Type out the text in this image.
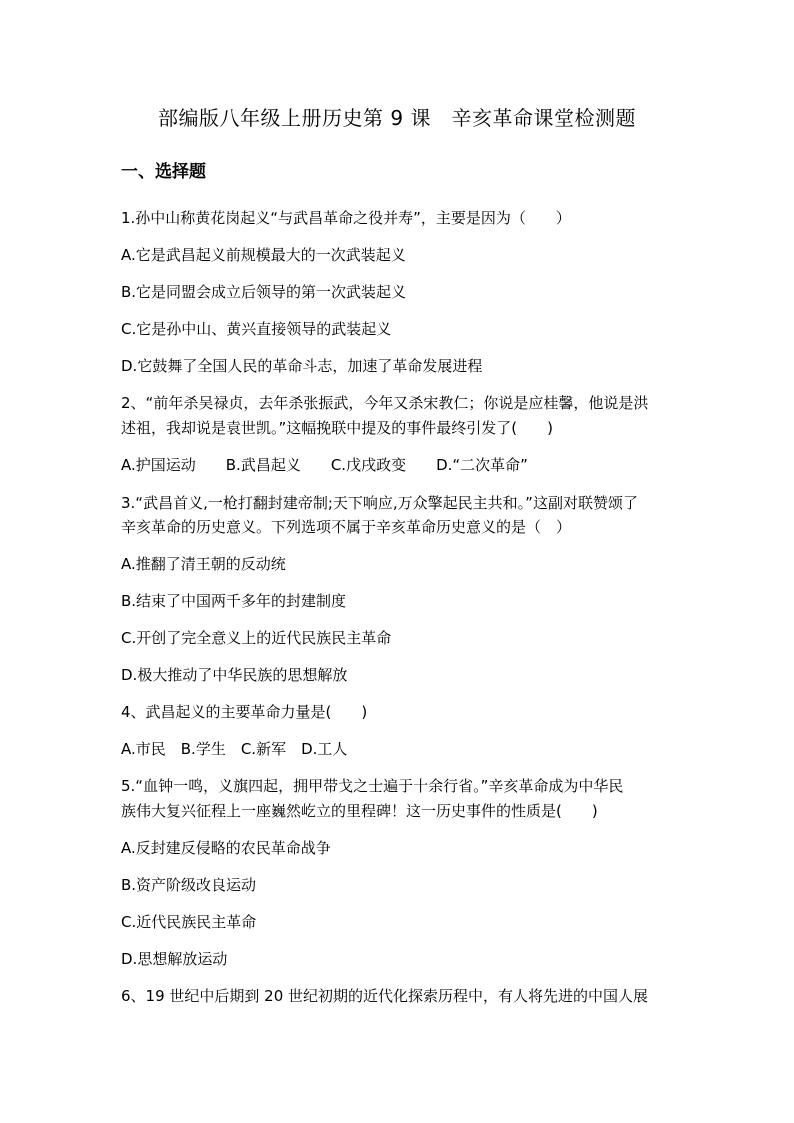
部编版八年级上册历史第 9 课　辛亥革命课堂检测题
一、选择题
1.孙中山称黄花岗起义“与武昌革命之役并寿”，主要是因为（　　）
A.它是武昌起义前规模最大的一次武装起义
B.它是同盟会成立后领导的第一次武装起义
C.它是孙中山、黄兴直接领导的武装起义
D.它鼓舞了全国人民的革命斗志，加速了革命发展进程
2、“前年杀吴禄贞，去年杀张振武，今年又杀宋教仁；你说是应桂馨，他说是洪
述祖，我却说是袁世凯。”这幅挽联中提及的事件最终引发了(　　)
A.护国运动　　B.武昌起义　　C.戊戌政变　　D.“二次革命”
3.“武昌首义,一枪打翻封建帝制;天下响应,万众擎起民主共和。”这副对联赞颂了
辛亥革命的历史意义。下列选项不属于辛亥革命历史意义的是（　）
A.推翻了清王朝的反动统
B.结束了中国两千多年的封建制度
C.开创了完全意义上的近代民族民主革命
D.极大推动了中华民族的思想解放
4、武昌起义的主要革命力量是(　　)
A.市民　B.学生　C.新军　D.工人
5.“血钟一鸣，义旗四起，拥甲带戈之士遍于十余行省。”辛亥革命成为中华民
族伟大复兴征程上一座巍然屹立的里程碑！这一历史事件的性质是(　　)
A.反封建反侵略的农民革命战争
B.资产阶级改良运动
C.近代民族民主革命
D.思想解放运动
6、19 世纪中后期到 20 世纪初期的近代化探索历程中，有人将先进的中国人展
